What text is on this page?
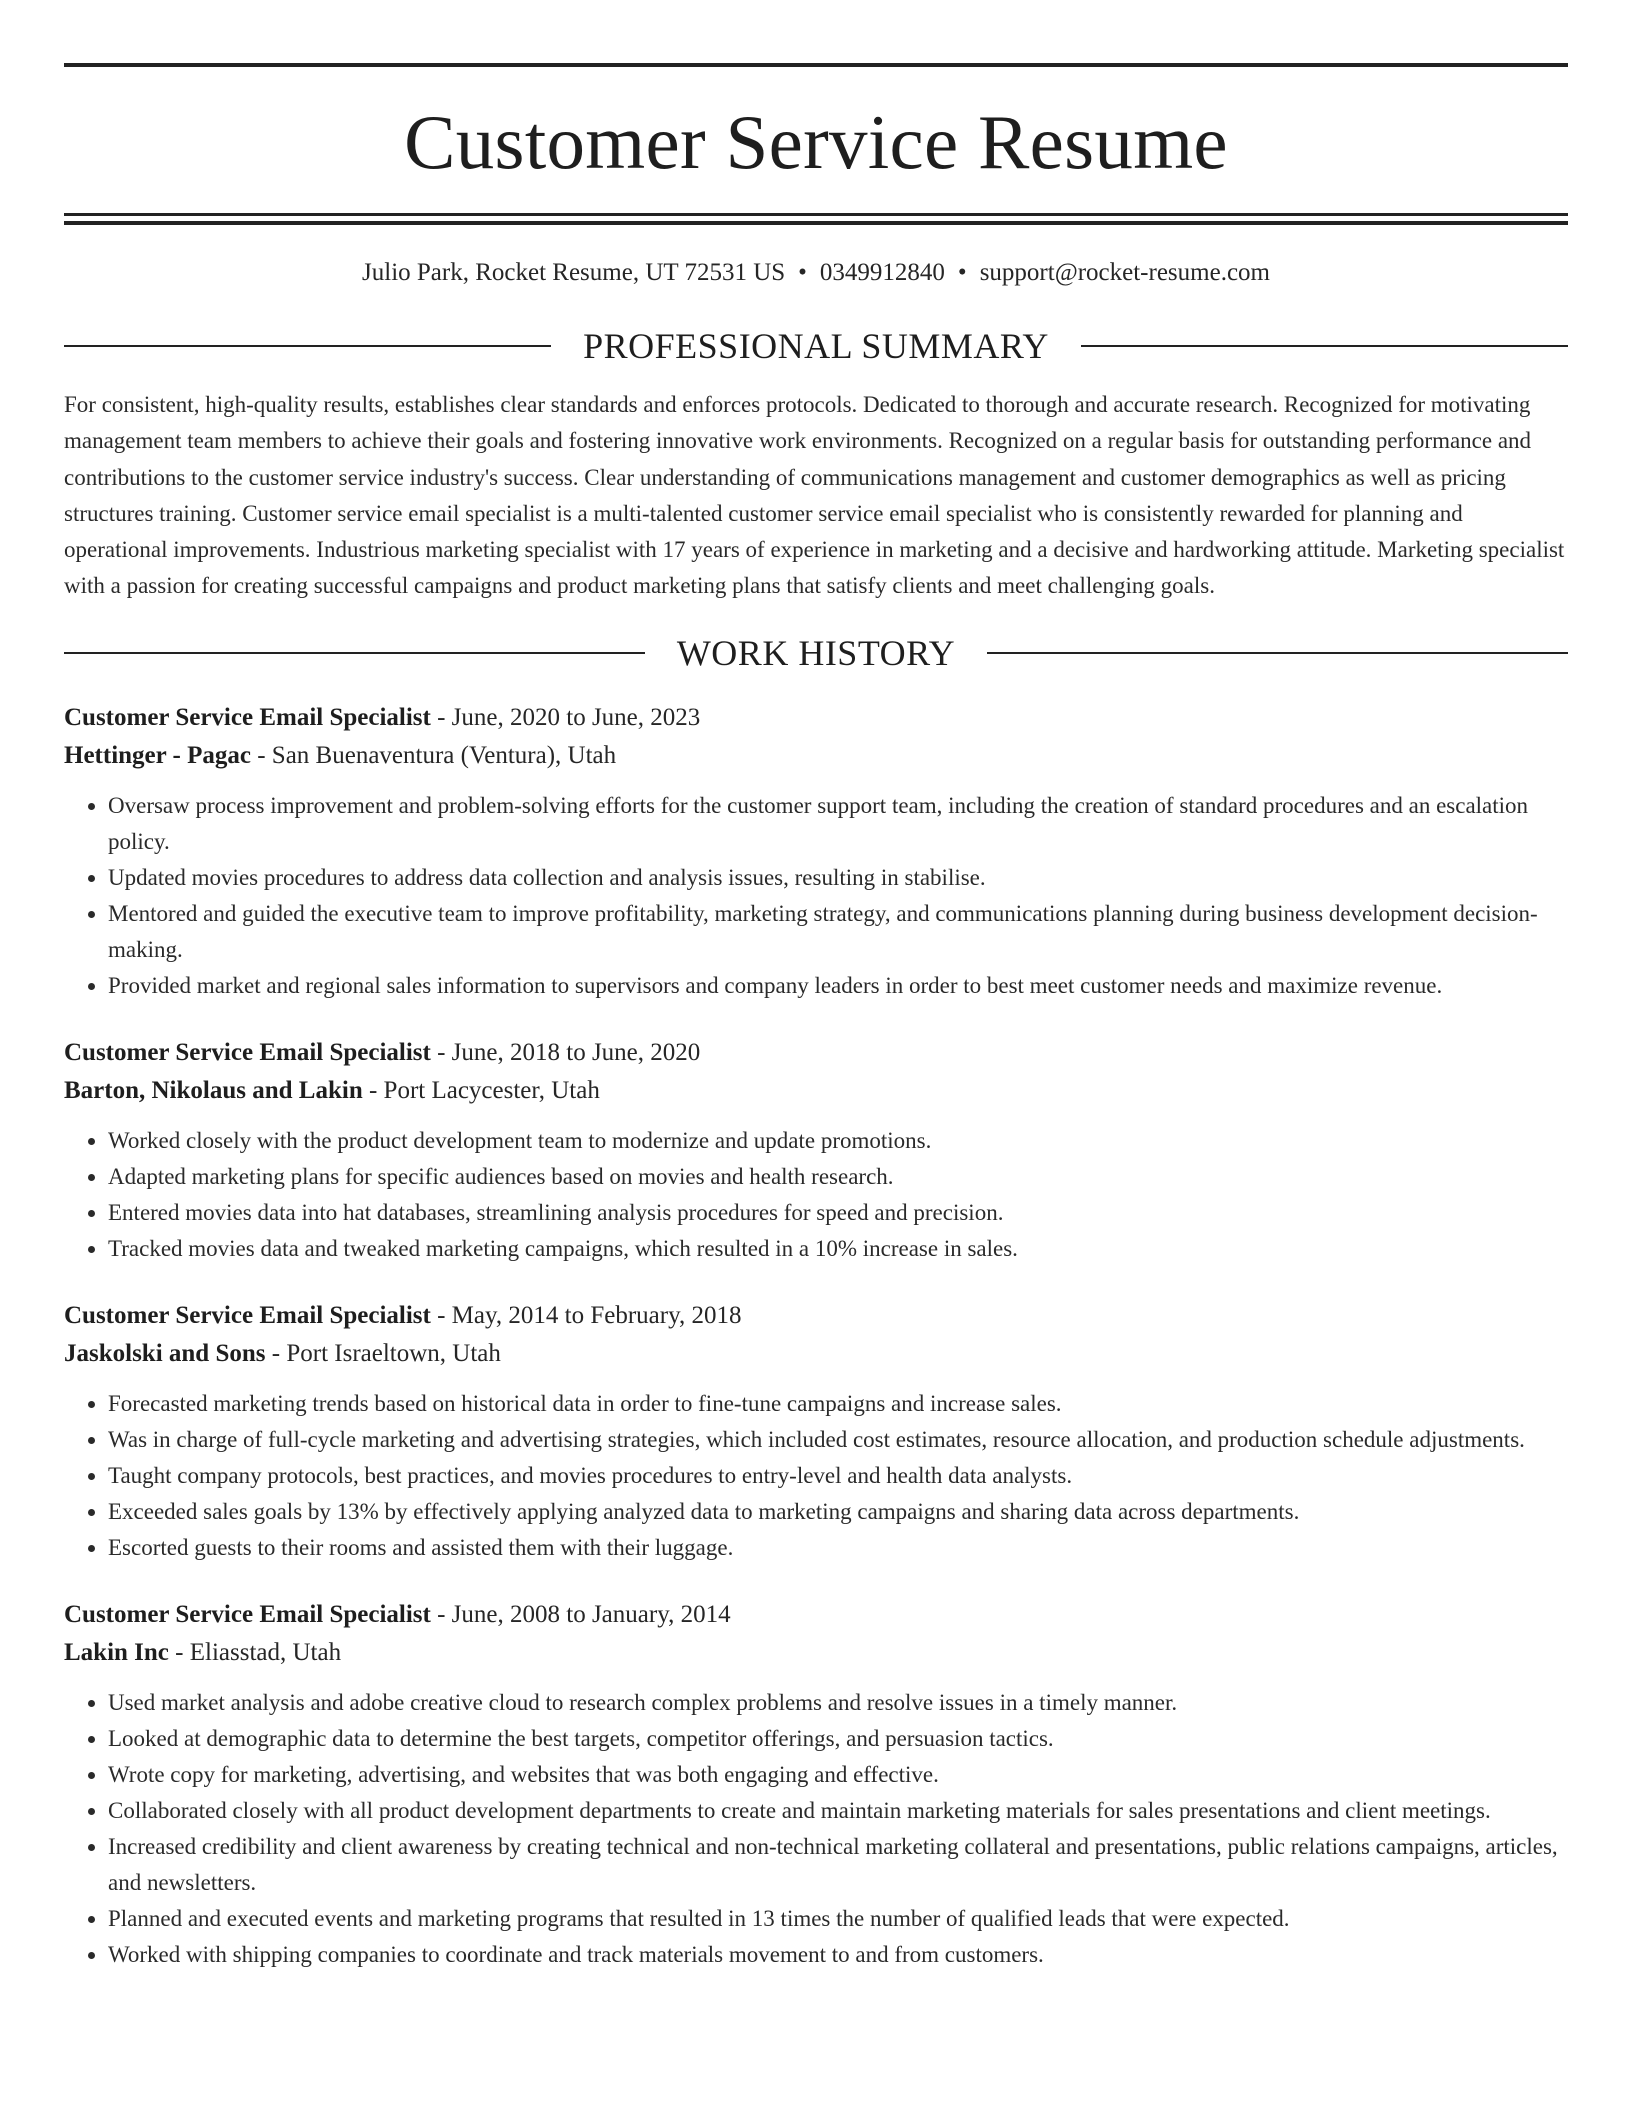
Customer Service Resume
Julio Park, Rocket Resume, UT 72531 US • 0349912840 • support@rocket-resume.com
PROFESSIONAL SUMMARY
For consistent, high-quality results, establishes clear standards and enforces protocols. Dedicated to thorough and accurate research. Recognized for motivating management team members to achieve their goals and fostering innovative work environments. Recognized on a regular basis for outstanding performance and contributions to the customer service industry's success. Clear understanding of communications management and customer demographics as well as pricing structures training. Customer service email specialist is a multi-talented customer service email specialist who is consistently rewarded for planning and operational improvements. Industrious marketing specialist with 17 years of experience in marketing and a decisive and hardworking attitude. Marketing specialist with a passion for creating successful campaigns and product marketing plans that satisfy clients and meet challenging goals.
WORK HISTORY
Customer Service Email Specialist - June, 2020 to June, 2023
Hettinger - Pagac - San Buenaventura (Ventura), Utah
• Oversaw process improvement and problem-solving efforts for the customer support team, including the creation of standard procedures and an escalation policy.
• Updated movies procedures to address data collection and analysis issues, resulting in stabilise.
• Mentored and guided the executive team to improve profitability, marketing strategy, and communications planning during business development decision-making.
• Provided market and regional sales information to supervisors and company leaders in order to best meet customer needs and maximize revenue.
Customer Service Email Specialist - June, 2018 to June, 2020
Barton, Nikolaus and Lakin - Port Lacycester, Utah
• Worked closely with the product development team to modernize and update promotions.
• Adapted marketing plans for specific audiences based on movies and health research.
• Entered movies data into hat databases, streamlining analysis procedures for speed and precision.
• Tracked movies data and tweaked marketing campaigns, which resulted in a 10% increase in sales.
Customer Service Email Specialist - May, 2014 to February, 2018
Jaskolski and Sons - Port Israeltown, Utah
• Forecasted marketing trends based on historical data in order to fine-tune campaigns and increase sales.
• Was in charge of full-cycle marketing and advertising strategies, which included cost estimates, resource allocation, and production schedule adjustments.
• Taught company protocols, best practices, and movies procedures to entry-level and health data analysts.
• Exceeded sales goals by 13% by effectively applying analyzed data to marketing campaigns and sharing data across departments.
• Escorted guests to their rooms and assisted them with their luggage.
Customer Service Email Specialist - June, 2008 to January, 2014
Lakin Inc - Eliasstad, Utah
• Used market analysis and adobe creative cloud to research complex problems and resolve issues in a timely manner.
• Looked at demographic data to determine the best targets, competitor offerings, and persuasion tactics.
• Wrote copy for marketing, advertising, and websites that was both engaging and effective.
• Collaborated closely with all product development departments to create and maintain marketing materials for sales presentations and client meetings.
• Increased credibility and client awareness by creating technical and non-technical marketing collateral and presentations, public relations campaigns, articles, and newsletters.
• Planned and executed events and marketing programs that resulted in 13 times the number of qualified leads that were expected.
• Worked with shipping companies to coordinate and track materials movement to and from customers.
